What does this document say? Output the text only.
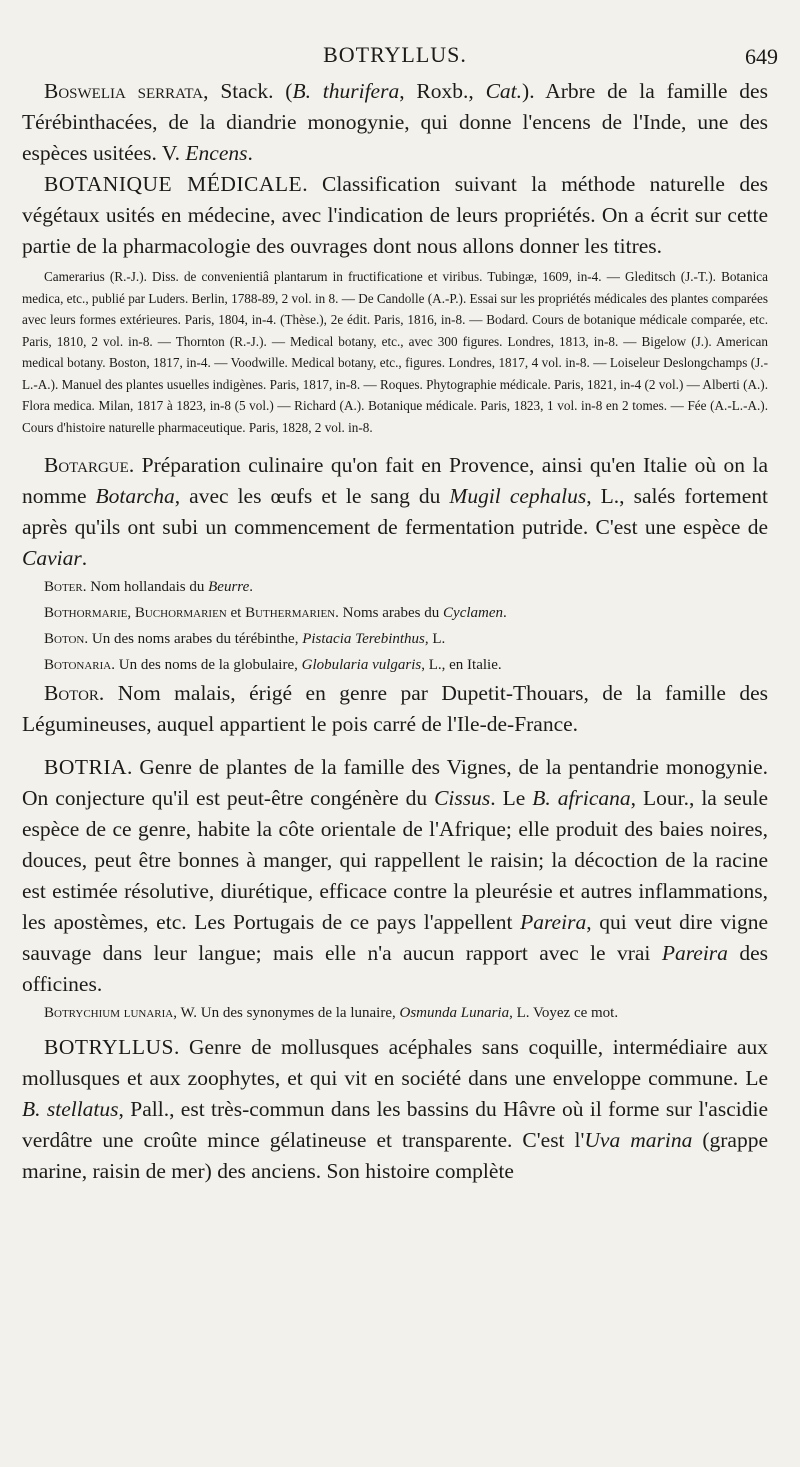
BOTRYLLUS.	649

Boswelia serrata, Stack. (B. thurifera, Roxb., Cat.). Arbre de la famille des Térébinthacées, de la diandrie monogynie, qui donne l'encens de l'Inde, une des espèces usitées. V. Encens.

BOTANIQUE MÉDICALE. Classification suivant la méthode naturelle des végétaux usités en médecine, avec l'indication de leurs propriétés. On a écrit sur cette partie de la pharmacologie des ouvrages dont nous allons donner les titres.

Camerarius (R.-J.). Diss. de convenientiâ plantarum in fructificatione et viribus. Tubingæ, 1609, in-4. — Gleditsch (J.-T.). Botanica medica, etc., publié par Luders. Berlin, 1788-89, 2 vol. in 8. — De Candolle (A.-P.). Essai sur les propriétés médicales des plantes comparées avec leurs formes extérieures. Paris, 1804, in-4. (Thèse.), 2e édit. Paris, 1816, in-8. — Bodard. Cours de botanique médicale comparée, etc. Paris, 1810, 2 vol. in-8. — Thornton (R.-J.). — Medical botany, etc., avec 300 figures. Londres, 1813, in-8. — Bigelow (J.). American medical botany. Boston, 1817, in-4. — Voodwille. Medical botany, etc., figures. Londres, 1817, 4 vol. in-8. — Loiseleur Deslongchamps (J.-L.-A.). Manuel des plantes usuelles indigènes. Paris, 1817, in-8. — Roques. Phytographie médicale. Paris, 1821, in-4 (2 vol.) — Alberti (A.). Flora medica. Milan, 1817 à 1823, in-8 (5 vol.) — Richard (A.). Botanique médicale. Paris, 1823, 1 vol. in-8 en 2 tomes. — Fée (A.-L.-A.). Cours d'histoire naturelle pharmaceutique. Paris, 1828, 2 vol. in-8.

Botargue. Préparation culinaire qu'on fait en Provence, ainsi qu'en Italie où on la nomme Botarcha, avec les œufs et le sang du Mugil cephalus, L., salés fortement après qu'ils ont subi un commencement de fermentation putride. C'est une espèce de Caviar.

Boter. Nom hollandais du Beurre.

Bothormarie, Buchormarien et Buthermarien. Noms arabes du Cyclamen.

Boton. Un des noms arabes du térébinthe, Pistacia Terebinthus, L.

Botonaria. Un des noms de la globulaire, Globularia vulgaris, L., en Italie.

Botor. Nom malais, érigé en genre par Dupetit-Thouars, de la famille des Légumineuses, auquel appartient le pois carré de l'Ile-de-France.

BOTRIA. Genre de plantes de la famille des Vignes, de la pentandrie monogynie. On conjecture qu'il est peut-être congénère du Cissus. Le B. africana, Lour., la seule espèce de ce genre, habite la côte orientale de l'Afrique; elle produit des baies noires, douces, peut être bonnes à manger, qui rappellent le raisin; la décoction de la racine est estimée résolutive, diurétique, efficace contre la pleurésie et autres inflammations, les apostèmes, etc. Les Portugais de ce pays l'appellent Pareira, qui veut dire vigne sauvage dans leur langue; mais elle n'a aucun rapport avec le vrai Pareira des officines.

Botrychium lunaria, W. Un des synonymes de la lunaire, Osmunda Lunaria, L. Voyez ce mot.

BOTRYLLUS. Genre de mollusques acéphales sans coquille, intermédiaire aux mollusques et aux zoophytes, et qui vit en société dans une enveloppe commune. Le B. stellatus, Pall., est très-commun dans les bassins du Hâvre où il forme sur l'ascidie verdâtre une croûte mince gélatineuse et transparente. C'est l'Uva marina (grappe marine, raisin de mer) des anciens. Son histoire complète
